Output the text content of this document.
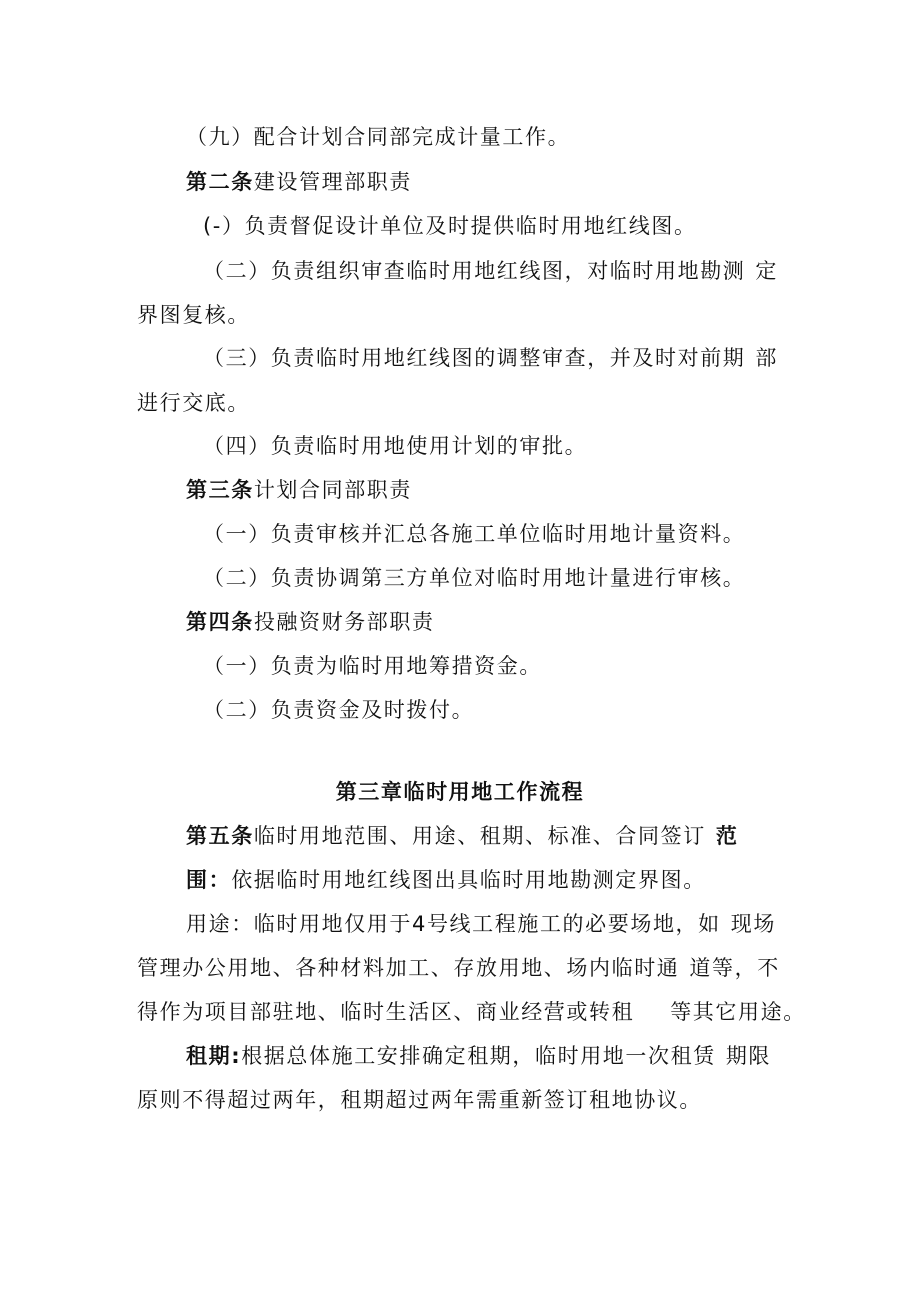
（九）配合计划合同部完成计量工作。
第二条建设管理部职责
(-）负责督促设计单位及时提供临时用地红线图。
（二）负责组织审查临时用地红线图，对临时用地勘测 定
界图复核。
（三）负责临时用地红线图的调整审查，并及时对前期 部
进行交底。
（四）负责临时用地使用计划的审批。
第三条计划合同部职责
（一）负责审核并汇总各施工单位临时用地计量资料。
（二）负责协调第三方单位对临时用地计量进行审核。
第四条投融资财务部职责
（一）负责为临时用地筹措资金。
（二）负责资金及时拨付。
第三章临时用地工作流程
第五条临时用地范围、用途、租期、标准、合同签订 范
围：依据临时用地红线图出具临时用地勘测定界图。
用途：临时用地仅用于4号线工程施工的必要场地，如 现场
管理办公用地、各种材料加工、存放用地、场内临时通 道等，不
得作为项目部驻地、临时生活区、商业经营或转租 等其它用途。
租期:根据总体施工安排确定租期，临时用地一次租赁 期限
原则不得超过两年，租期超过两年需重新签订租地协议。
